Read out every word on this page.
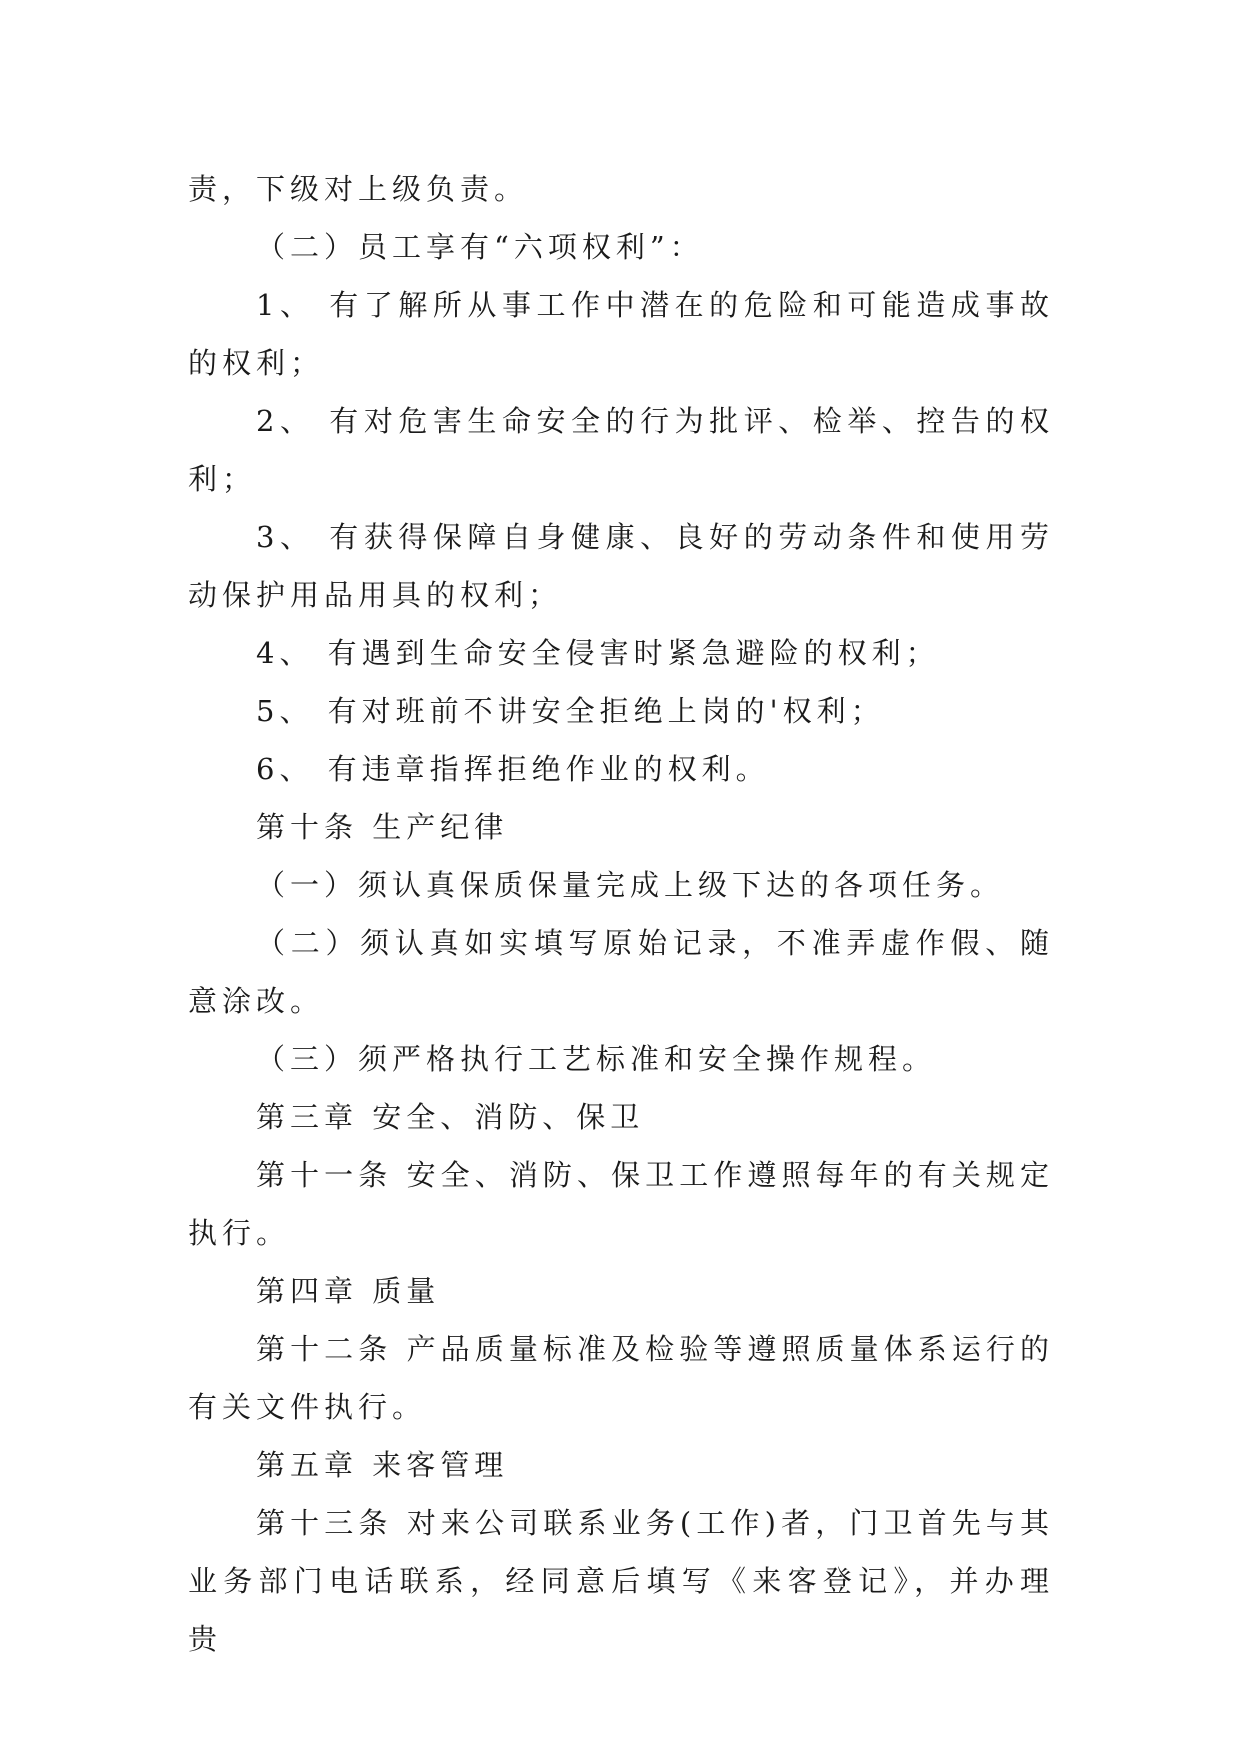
责，下级对上级负责。

（二）员工享有“六项权利”：

1、 有了解所从事工作中潜在的危险和可能造成事故的权利；

2、 有对危害生命安全的行为批评、检举、控告的权利；

3、 有获得保障自身健康、良好的劳动条件和使用劳动保护用品用具的权利；

4、 有遇到生命安全侵害时紧急避险的权利；

5、 有对班前不讲安全拒绝上岗的'权利；

6、 有违章指挥拒绝作业的权利。

第十条 生产纪律

（一）须认真保质保量完成上级下达的各项任务。

（二）须认真如实填写原始记录，不准弄虚作假、随意涂改。

（三）须严格执行工艺标准和安全操作规程。

第三章 安全、消防、保卫

第十一条 安全、消防、保卫工作遵照每年的有关规定执行。

第四章 质量

第十二条 产品质量标准及检验等遵照质量体系运行的有关文件执行。

第五章 来客管理

第十三条 对来公司联系业务(工作)者，门卫首先与其业务部门电话联系，经同意后填写《来客登记》，并办理贵
